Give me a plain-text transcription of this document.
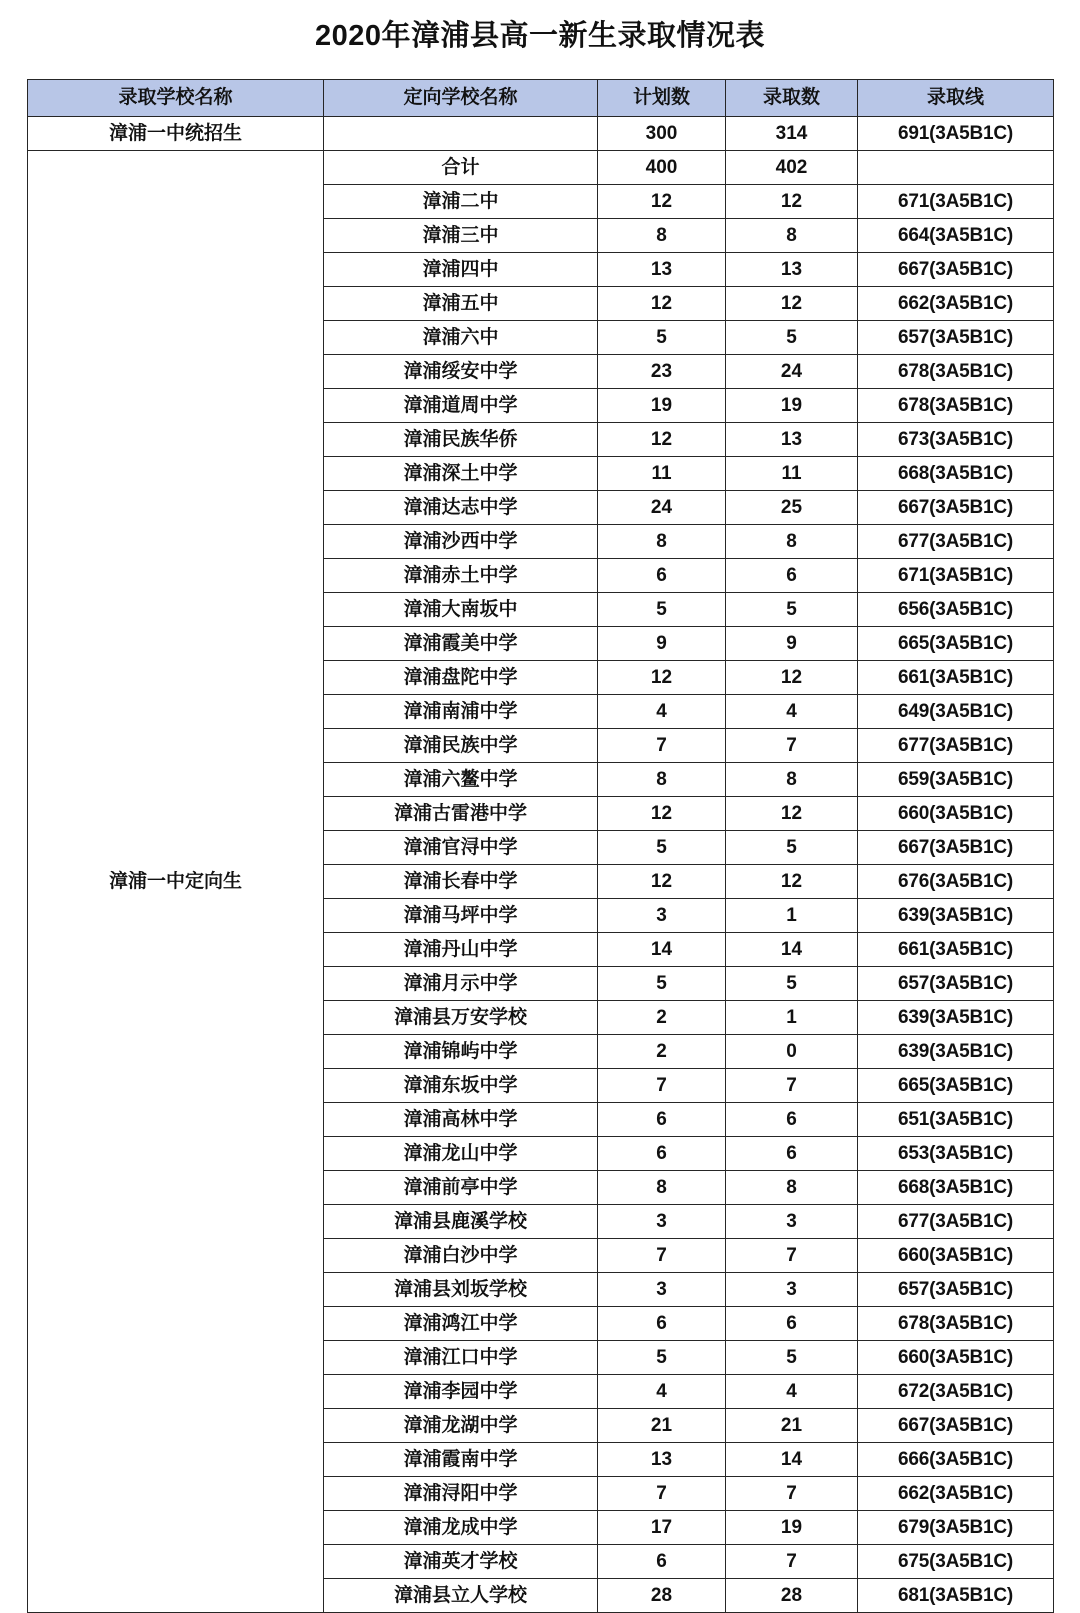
2020年漳浦县高一新生录取情况表
录取学校名称	定向学校名称	计划数	录取数	录取线
漳浦一中统招生		300	314	691(3A5B1C)
漳浦一中定向生	合计	400	402	
	漳浦二中	12	12	671(3A5B1C)
	漳浦三中	8	8	664(3A5B1C)
	漳浦四中	13	13	667(3A5B1C)
	漳浦五中	12	12	662(3A5B1C)
	漳浦六中	5	5	657(3A5B1C)
	漳浦绥安中学	23	24	678(3A5B1C)
	漳浦道周中学	19	19	678(3A5B1C)
	漳浦民族华侨	12	13	673(3A5B1C)
	漳浦深土中学	11	11	668(3A5B1C)
	漳浦达志中学	24	25	667(3A5B1C)
	漳浦沙西中学	8	8	677(3A5B1C)
	漳浦赤土中学	6	6	671(3A5B1C)
	漳浦大南坂中	5	5	656(3A5B1C)
	漳浦霞美中学	9	9	665(3A5B1C)
	漳浦盘陀中学	12	12	661(3A5B1C)
	漳浦南浦中学	4	4	649(3A5B1C)
	漳浦民族中学	7	7	677(3A5B1C)
	漳浦六鳌中学	8	8	659(3A5B1C)
	漳浦古雷港中学	12	12	660(3A5B1C)
	漳浦官浔中学	5	5	667(3A5B1C)
	漳浦长春中学	12	12	676(3A5B1C)
	漳浦马坪中学	3	1	639(3A5B1C)
	漳浦丹山中学	14	14	661(3A5B1C)
	漳浦月示中学	5	5	657(3A5B1C)
	漳浦县万安学校	2	1	639(3A5B1C)
	漳浦锦屿中学	2	0	639(3A5B1C)
	漳浦东坂中学	7	7	665(3A5B1C)
	漳浦高林中学	6	6	651(3A5B1C)
	漳浦龙山中学	6	6	653(3A5B1C)
	漳浦前亭中学	8	8	668(3A5B1C)
	漳浦县鹿溪学校	3	3	677(3A5B1C)
	漳浦白沙中学	7	7	660(3A5B1C)
	漳浦县刘坂学校	3	3	657(3A5B1C)
	漳浦鸿江中学	6	6	678(3A5B1C)
	漳浦江口中学	5	5	660(3A5B1C)
	漳浦李园中学	4	4	672(3A5B1C)
	漳浦龙湖中学	21	21	667(3A5B1C)
	漳浦霞南中学	13	14	666(3A5B1C)
	漳浦浔阳中学	7	7	662(3A5B1C)
	漳浦龙成中学	17	19	679(3A5B1C)
	漳浦英才学校	6	7	675(3A5B1C)
	漳浦县立人学校	28	28	681(3A5B1C)
